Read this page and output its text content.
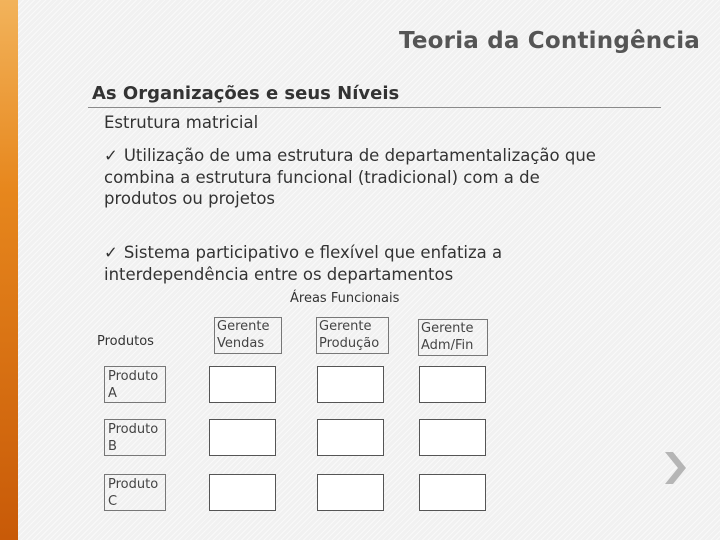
Teoria da Contingência
As Organizações e seus Níveis
Estrutura matricial
✓ Utilização de uma estrutura de departamentalização que combina a estrutura funcional (tradicional) com a de produtos ou projetos
✓ Sistema participativo e flexível que enfatiza a interdependência entre os departamentos
Áreas Funcionais
Produtos
Gerente Vendas
Gerente Produção
Gerente Adm/Fin
Produto A
Produto B
Produto C
